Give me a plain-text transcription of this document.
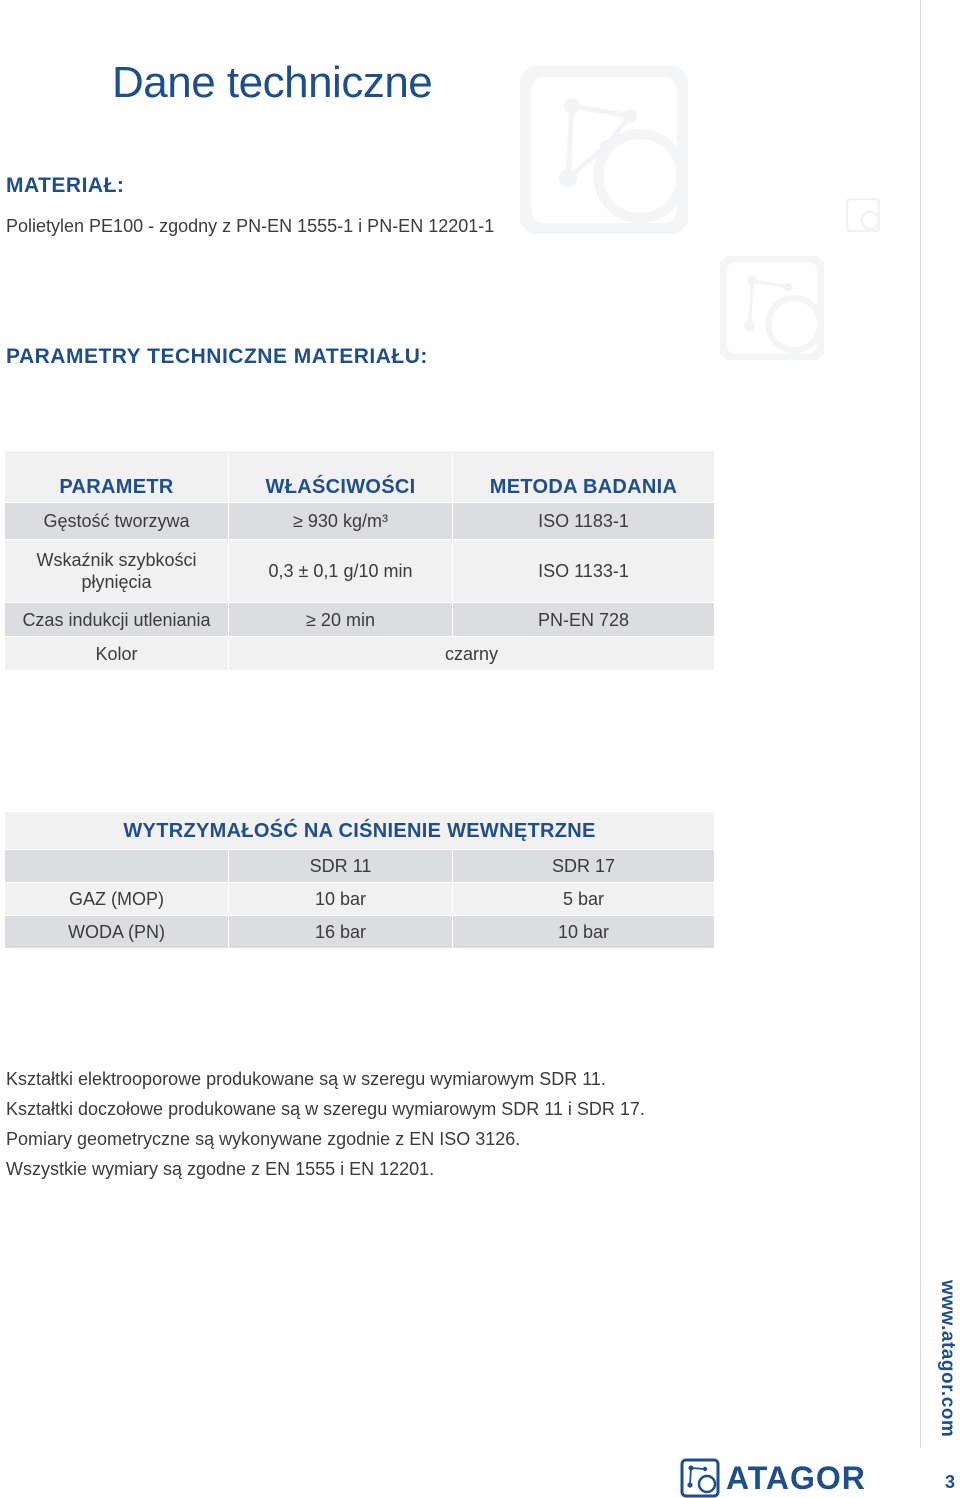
Dane techniczne
MATERIAŁ:
Polietylen PE100 - zgodny z PN-EN 1555-1 i PN-EN 12201-1
PARAMETRY TECHNICZNE MATERIAŁU:
PARAMETR	WŁAŚCIWOŚCI	METODA BADANIA
Gęstość tworzywa	≥ 930 kg/m³	ISO 1183-1

Wskaźnik szybkości
płynięcia	0,3 ± 0,1 g/10 min	ISO 1133-1
Czas indukcji utleniania	≥ 20 min	PN-EN 728
Kolor	czarny	
WYTRZYMAŁOŚĆ NA CIŚNIENIE WEWNĘTRZNE		
	SDR 11	SDR 17
GAZ (MOP)	10 bar	5 bar
WODA (PN)	16 bar	10 bar
Kształtki elektrooporowe produkowane są w szeregu wymiarowym SDR 11.
Kształtki doczołowe produkowane są w szeregu wymiarowym SDR 11 i SDR 17.
Pomiary geometryczne są wykonywane zgodnie z EN ISO 3126.
Wszystkie wymiary są zgodne z EN 1555 i EN 12201.
www.atagor.com
ATAGOR	3
